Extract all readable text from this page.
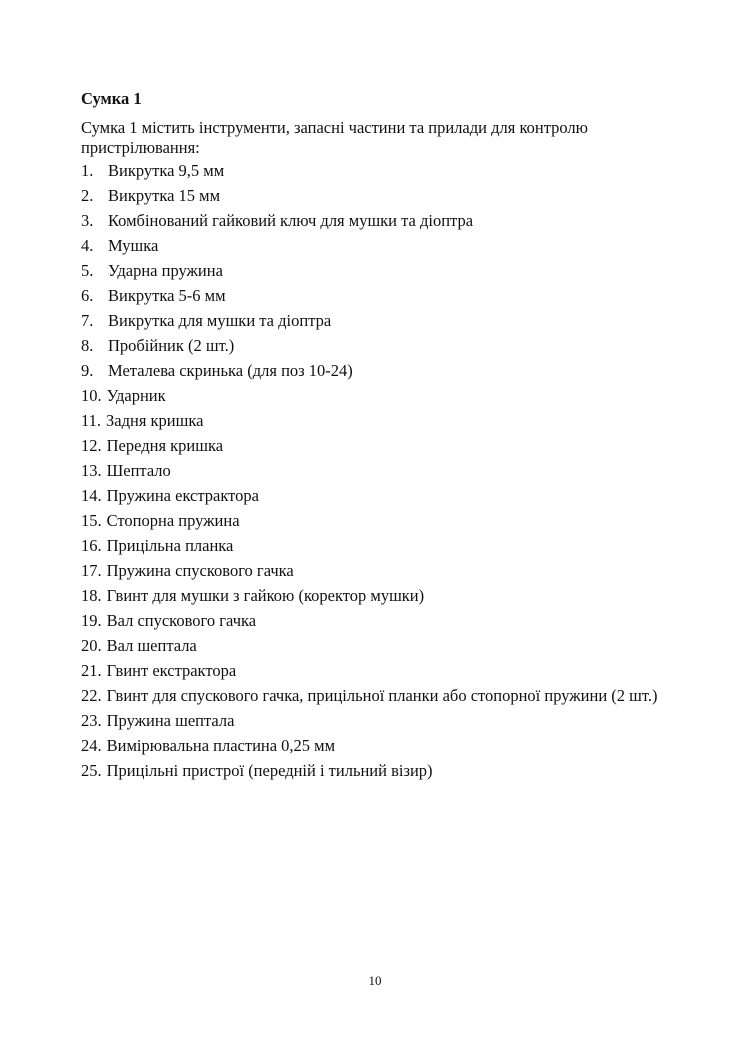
Сумка 1
Сумка 1 містить інструменти, запасні частини та прилади для контролю пристрілювання:
1. Викрутка 9,5 мм
2. Викрутка 15 мм
3. Комбінований гайковий ключ для мушки та діоптра
4. Мушка
5. Ударна пружина
6. Викрутка 5-6 мм
7. Викрутка для мушки та діоптра
8. Пробійник (2 шт.)
9. Металева скринька (для поз 10-24)
10. Ударник
11. Задня кришка
12. Передня кришка
13. Шептало
14. Пружина екстрактора
15. Стопорна пружина
16. Прицільна планка
17. Пружина спускового гачка
18. Гвинт для мушки з гайкою (коректор мушки)
19. Вал спускового гачка
20. Вал шептала
21. Гвинт екстрактора
22. Гвинт для спускового гачка, прицільної планки або стопорної пружини (2 шт.)
23. Пружина шептала
24. Вимірювальна пластина 0,25 мм
25. Прицільні пристрої (передній і тильний візир)
10
